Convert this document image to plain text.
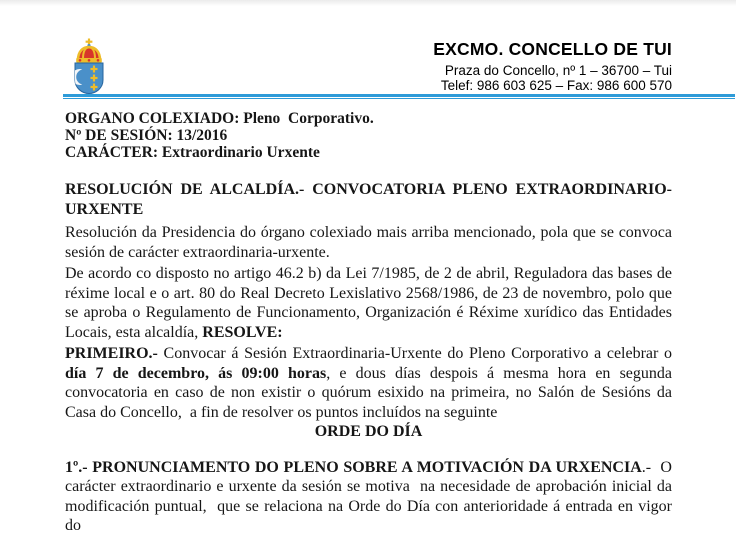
EXCMO. CONCELLO DE TUI
Praza do Concello, nº 1 – 36700 – Tui
Telef: 986 603 625 – Fax: 986 600 570
ORGANO COLEXIADO: Pleno  Corporativo.
Nº DE SESIÓN: 13/2016
CARÁCTER: Extraordinario Urxente
RESOLUCIÓN DE ALCALDÍA.- CONVOCATORIA PLENO EXTRAORDINARIO-
URXENTE

Resolución da Presidencia do órgano colexiado mais arriba mencionado, pola que se convoca sesión de carácter extraordinaria-urxente.

De acordo co disposto no artigo 46.2 b) da Lei 7/1985, de 2 de abril, Reguladora das bases de réxime local e o art. 80 do Real Decreto Lexislativo 2568/1986, de 23 de novembro, polo que se aproba o Regulamento de Funcionamento, Organización é Réxime xurídico das Entidades Locais, esta alcaldía, RESOLVE:

PRIMEIRO.- Convocar á Sesión Extraordinaria-Urxente do Pleno Corporativo a celebrar o día 7 de decembro, ás 09:00 horas, e dous días despois á mesma hora en segunda convocatoria en caso de non existir o quórum esixido na primeira, no Salón de Sesións da Casa do Concello,  a fin de resolver os puntos incluídos na seguinte

ORDE DO DÍA

1º.- PRONUNCIAMENTO DO PLENO SOBRE A MOTIVACIÓN DA URXENCIA.-  O carácter extraordinario e urxente da sesión se motiva  na necesidade de aprobación inicial da modificación puntual,  que se relaciona na Orde do Día con anterioridade á entrada en vigor do
